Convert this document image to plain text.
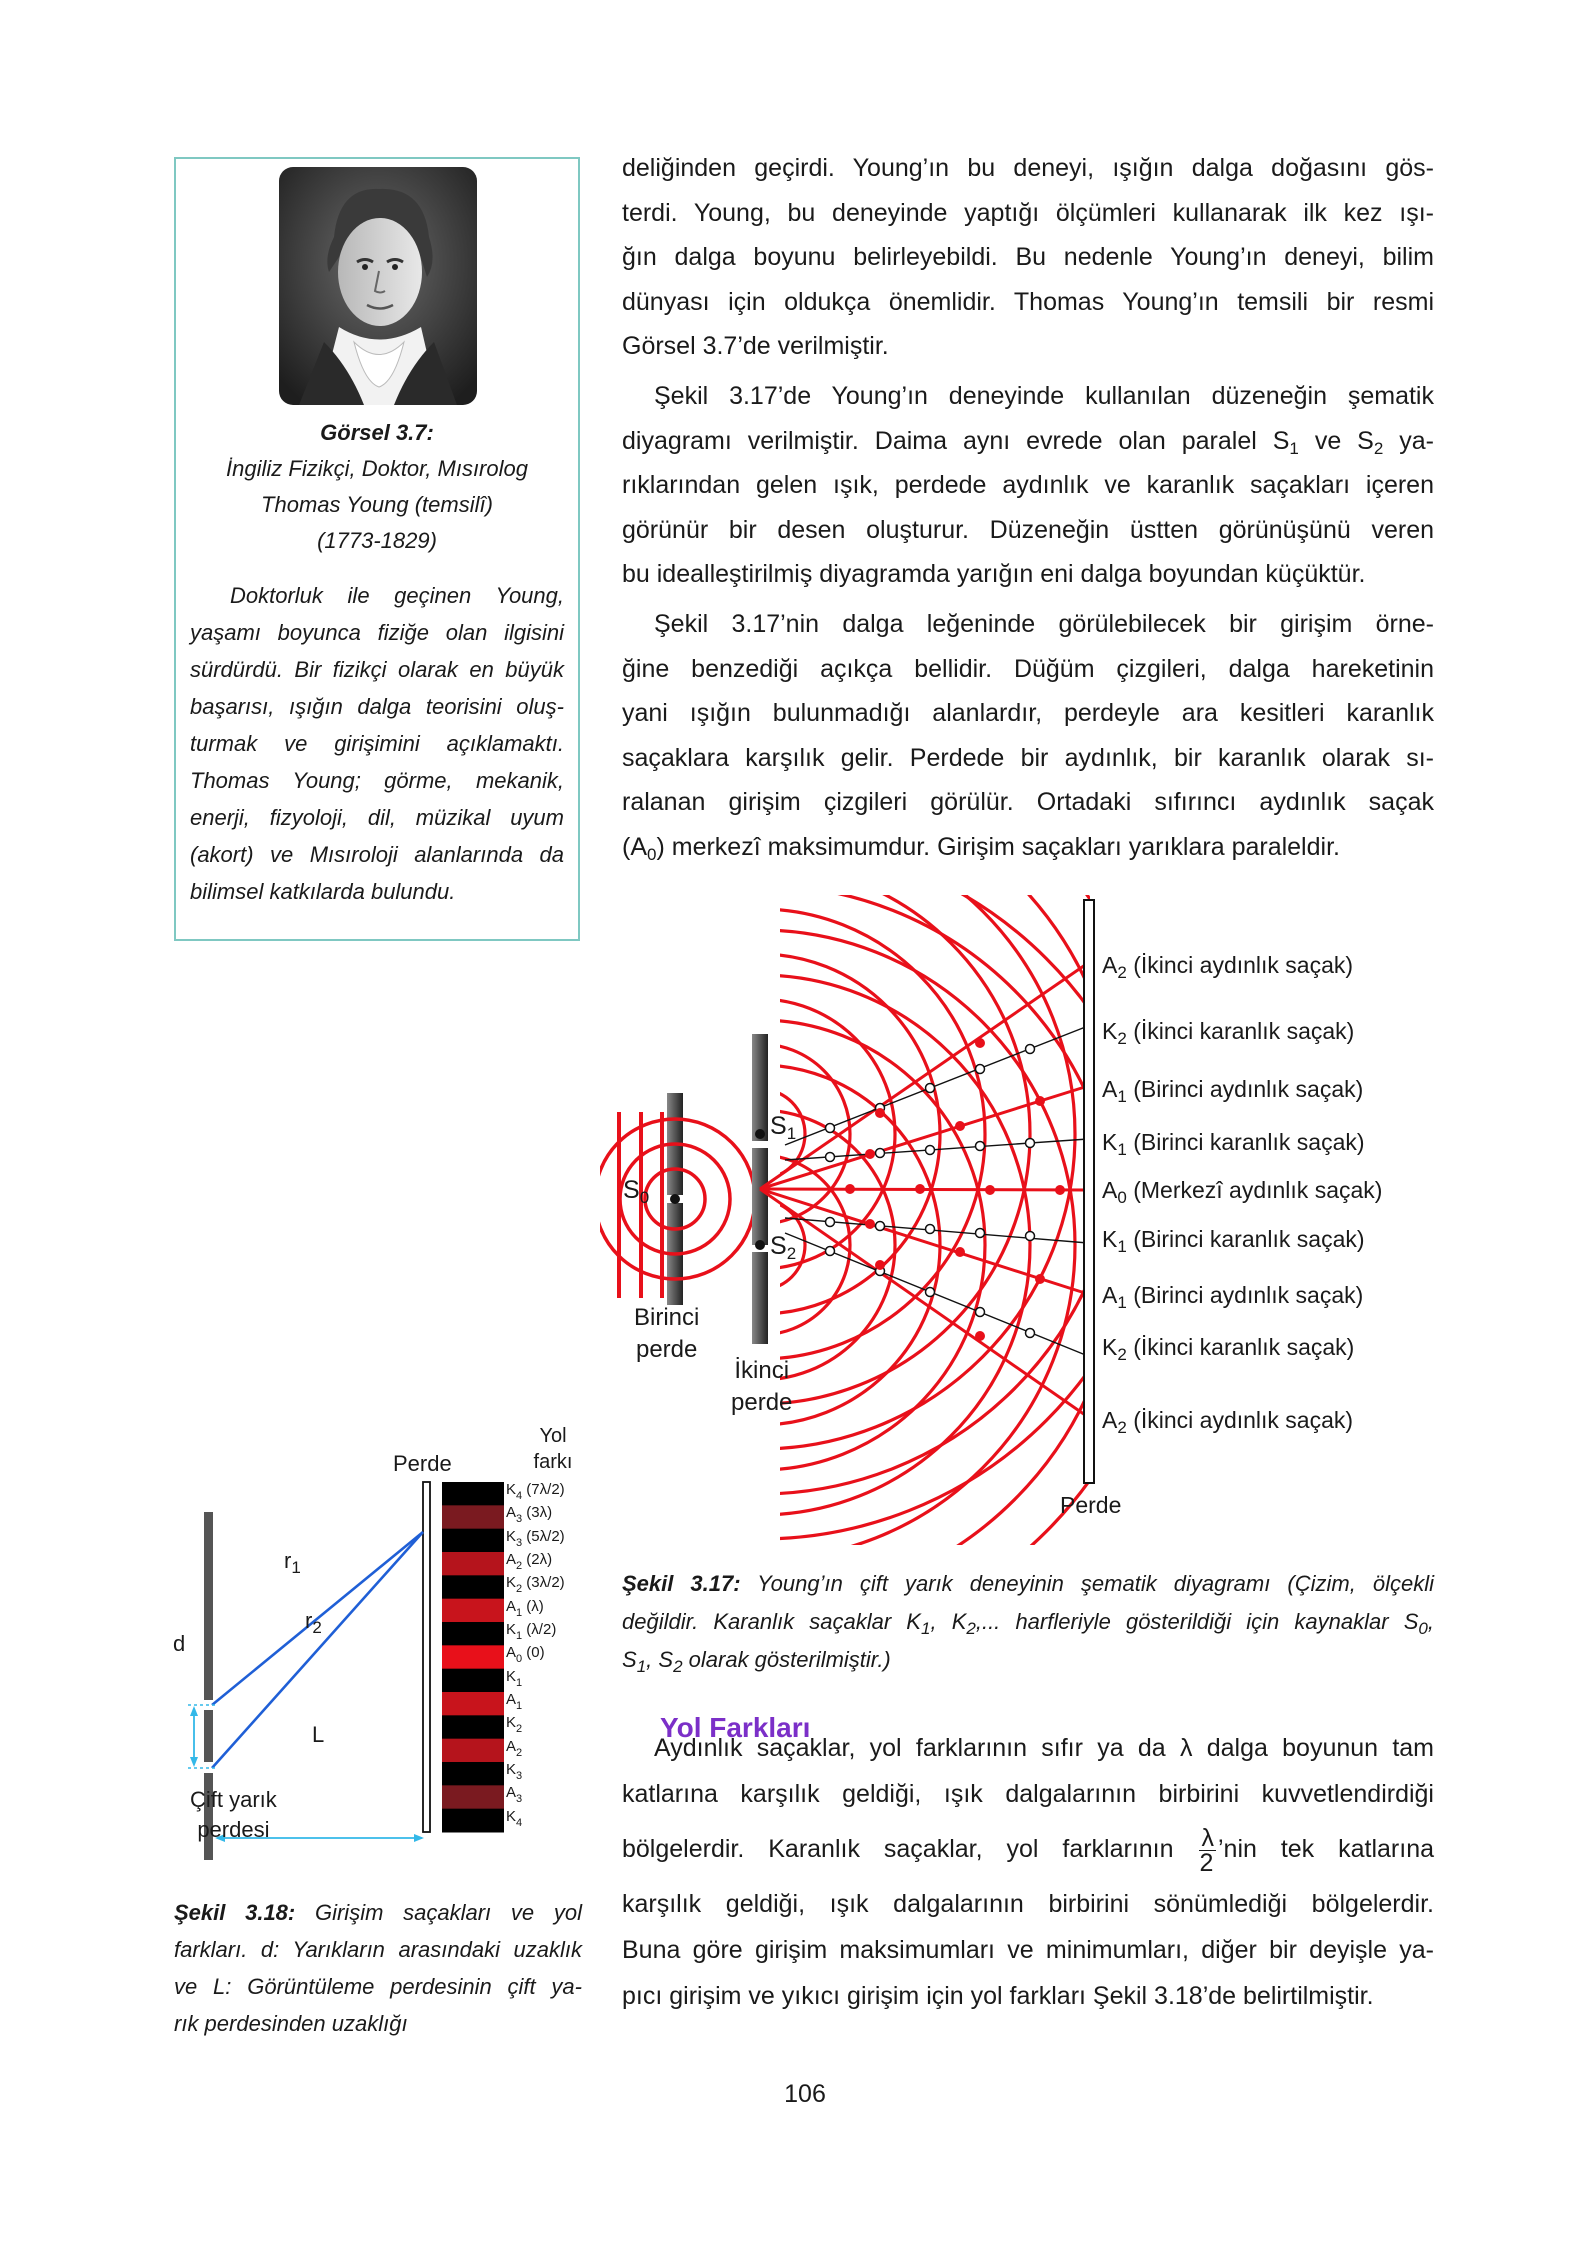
Görsel 3.7:
İngiliz Fizikçi, Doktor, Mısırolog
Thomas Young (temsilî)
(1773-1829)
Doktorluk ile geçinen Young,
yaşamı boyunca fiziğe olan ilgisini
sürdürdü. Bir fizikçi olarak en büyük
başarısı, ışığın dalga teorisini oluş-
turmak ve girişimini açıklamaktı.
Thomas Young; görme, mekanik,
enerji, fizyoloji, dil, müzikal uyum
(akort) ve Mısıroloji alanlarında da
bilimsel katkılarda bulundu.
deliğinden geçirdi. Young’ın bu deneyi, ışığın dalga doğasını gös-
terdi. Young, bu deneyinde yaptığı ölçümleri kullanarak ilk kez ışı-
ğın dalga boyunu belirleyebildi. Bu nedenle Young’ın deneyi, bilim
dünyası için oldukça önemlidir. Thomas Young’ın temsili bir resmi
Görsel 3.7’de verilmiştir.
Şekil 3.17’de Young’ın deneyinde kullanılan düzeneğin şematik
diyagramı verilmiştir. Daima aynı evrede olan paralel $S_1$ ve $S_2$ ya-
rıklarından gelen ışık, perdede aydınlık ve karanlık saçakları içeren
görünür bir desen oluşturur. Düzeneğin üstten görünüşünü veren
bu idealleştirilmiş diyagramda yarığın eni dalga boyundan küçüktür.
Şekil 3.17’nin dalga leğeninde görülebilecek bir girişim örne-
ğine benzediği açıkça bellidir. Düğüm çizgileri, dalga hareketinin
yani ışığın bulunmadığı alanlardır, perdeyle ara kesitleri karanlık
saçaklara karşılık gelir. Perdede bir aydınlık, bir karanlık olarak sı-
ralanan girişim çizgileri görülür. Ortadaki sıfırıncı aydınlık saçak
$(A_0)$ merkezî maksimumdur. Girişim saçakları yarıklara paraleldir.
$S_0$
$S_1$
$S_2$
Birinci
perde
İkinci
perde
Perde
$A_2$ (İkinci aydınlık saçak)
$K_2$ (İkinci karanlık saçak)
$A_1$ (Birinci aydınlık saçak)
$K_1$ (Birinci karanlık saçak)
$A_0$ (Merkezî aydınlık saçak)
$K_1$ (Birinci karanlık saçak)
$A_1$ (Birinci aydınlık saçak)
$K_2$ (İkinci karanlık saçak)
$A_2$ (İkinci aydınlık saçak)
Şekil 3.17: Young’ın çift yarık deneyinin şematik diyagramı (Çizim, ölçekli
değildir. Karanlık saçaklar $K_1$, $K_2$,... harfleriyle gösterildiği için kaynaklar $S_0$,
$S_1$, $S_2$ olarak gösterilmiştir.)
Yol Farkları
Aydınlık saçaklar, yol farklarının sıfır ya da λ dalga boyunun tam
katlarına karşılık geldiği, ışık dalgalarının birbirini kuvvetlendirdiği
bölgelerdir. Karanlık saçaklar, yol farklarının $\frac{\lambda}{2}$ ’nin tek katlarına
karşılık geldiği, ışık dalgalarının birbirini sönümlediği bölgelerdir.
Buna göre girişim maksimumları ve minimumları, diğer bir deyişle ya-
pıcı girişim ve yıkıcı girişim için yol farkları Şekil 3.18’de belirtilmiştir.
Perde
Yol
farkı
$r_1$
$r_2$
d
L
Çift yarık
perdesi
$K_4$ (7λ/2)
$A_3$ (3λ)
$K_3$ (5λ/2)
$A_2$ (2λ)
$K_2$ (3λ/2)
$A_1$ (λ)
$K_1$ (λ/2)
$A_0$ (0)
$K_1$
$A_1$
$K_2$
$A_2$
$K_3$
$A_3$
$K_4$
Şekil 3.18: Girişim saçakları ve yol
farkları. d: Yarıkların arasındaki uzaklık
ve L: Görüntüleme perdesinin çift ya-
rık perdesinden uzaklığı
106
